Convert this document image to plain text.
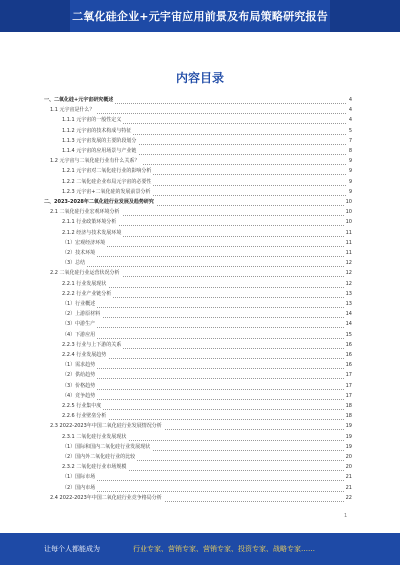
二氧化硅企业+元宇宙应用前景及布局策略研究报告
内容目录
一、二氧化硅+元宇宙研究概述	4
1.1 元宇宙是什么？	4
1.1.1 元宇宙的一般性定义	4
1.1.2 元宇宙的技术构成与特征	5
1.1.3 元宇宙发展的主要阶段划分	7
1.1.4 元宇宙的应用场景与产业链	8
1.2 元宇宙与二氧化硅行业有什么关系？	9
1.2.1 元宇宙对二氧化硅行业的影响分析	9
1.2.2 二氧化硅企业布局元宇宙的必要性	9
1.2.3 元宇宙+二氧化硅的发展前景分析	9
二、2023-2028年二氧化硅行业发展及趋势研究	10
2.1 二氧化硅行业宏观环境分析	10
2.1.1 行业政策环境分析	10
2.1.2 经济与技术发展环境	11
（1）宏观经济环境	11
（2）技术环境	11
（3）总结	12
2.2 二氧化硅行业运营状况分析	12
2.2.1 行业发展现状	12
2.2.2 行业产业链分析	13
（1）行业概述	13
（2）上游原材料	14
（3）中游生产	14
（4）下游应用	15
2.2.3 行业与上下游的关系	16
2.2.4 行业发展趋势	16
（1）需求趋势	16
（2）供给趋势	17
（3）价格趋势	17
（4）竞争趋势	17
2.2.5 行业集中度	18
2.2.6 行业壁垒分析	18
2.3 2022-2023年中国二氧化硅行业发展情况分析	19
2.3.1 二氧化硅行业发展现状	19
（1）国际和国内二氧化硅行业发展现状	19
（2）国内外二氧化硅行业的比较	20
2.3.2 二氧化硅行业市场规模	20
（1）国际市场	21
（2）国内市场	21
2.4 2022-2023年中国二氧化硅行业竞争格局分析	22
1
让每个人都能成为	行业专家、营销专家、营销专家、投资专家、战略专家……
